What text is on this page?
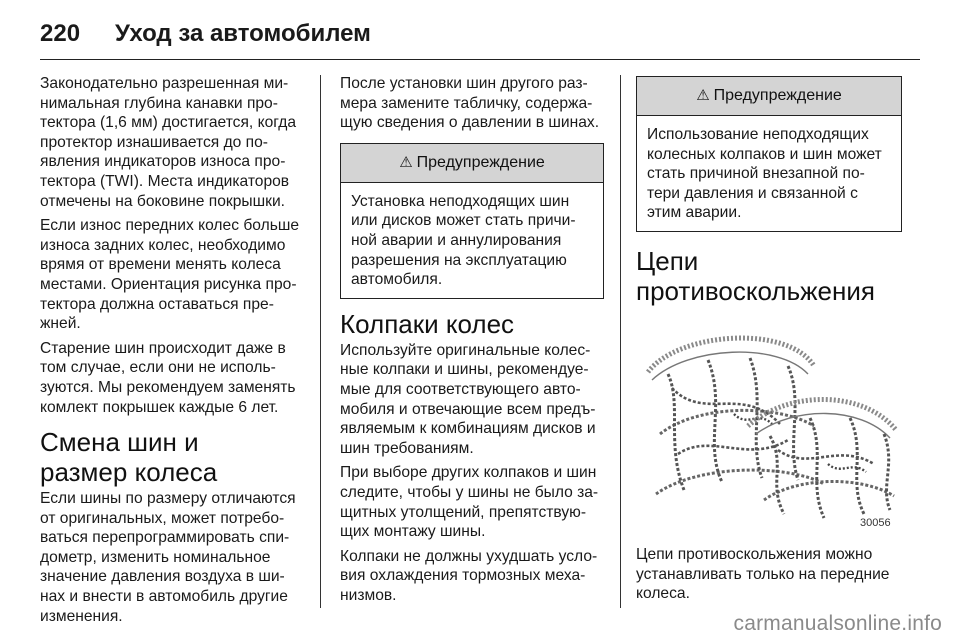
220 Уход за автомобилем

Законодательно разрешенная ми-нимальная глубина канавки про-тектора (1,6 мм) достигается, когда протектор изнашивается до по-явления индикаторов износа про-тектора (TWI). Места индикаторов отмечены на боковине покрышки.

Если износ передних колес больше износа задних колес, необходимо врямя от времени менять колеса местами. Ориентация рисунка про-тектора должна оставаться пре-жней.

Старение шин происходит даже в том случае, если они не исполь-зуются. Мы рекомендуем заменять комлект покрышек каждые 6 лет.

Смена шин и размер колеса

Если шины по размеру отличаются от оригинальных, может потребо-ваться перепрограммировать спи-дометр, изменить номинальное значение давления воздуха в ши-нах и внести в автомобиль другие изменения.

После установки шин другого раз-мера замените табличку, содержа-щую сведения о давлении в шинах.

⚠ Предупреждение
Установка неподходящих шин или дисков может стать причи-ной аварии и аннулирования разрешения на эксплуатацию автомобиля.
Колпаки колес

Используйте оригинальные колес-ные колпаки и шины, рекомендуе-мые для соответствующего авто-мобиля и отвечающие всем предъ-являемым к комбинациям дисков и шин требованиям.

При выборе других колпаков и шин следите, чтобы у шины не было за-щитных утолщений, препятствую-щих монтажу шины.

Колпаки не должны ухудшать усло-вия охлаждения тормозных меха-низмов.

⚠ Предупреждение
Использование неподходящих колесных колпаков и шин может стать причиной внезапной по-тери давления и связанной с этим аварии.
Цепи противоскольжения
30056

Цепи противоскольжения можно устанавливать только на передние колеса.

carmanualsonline.info
